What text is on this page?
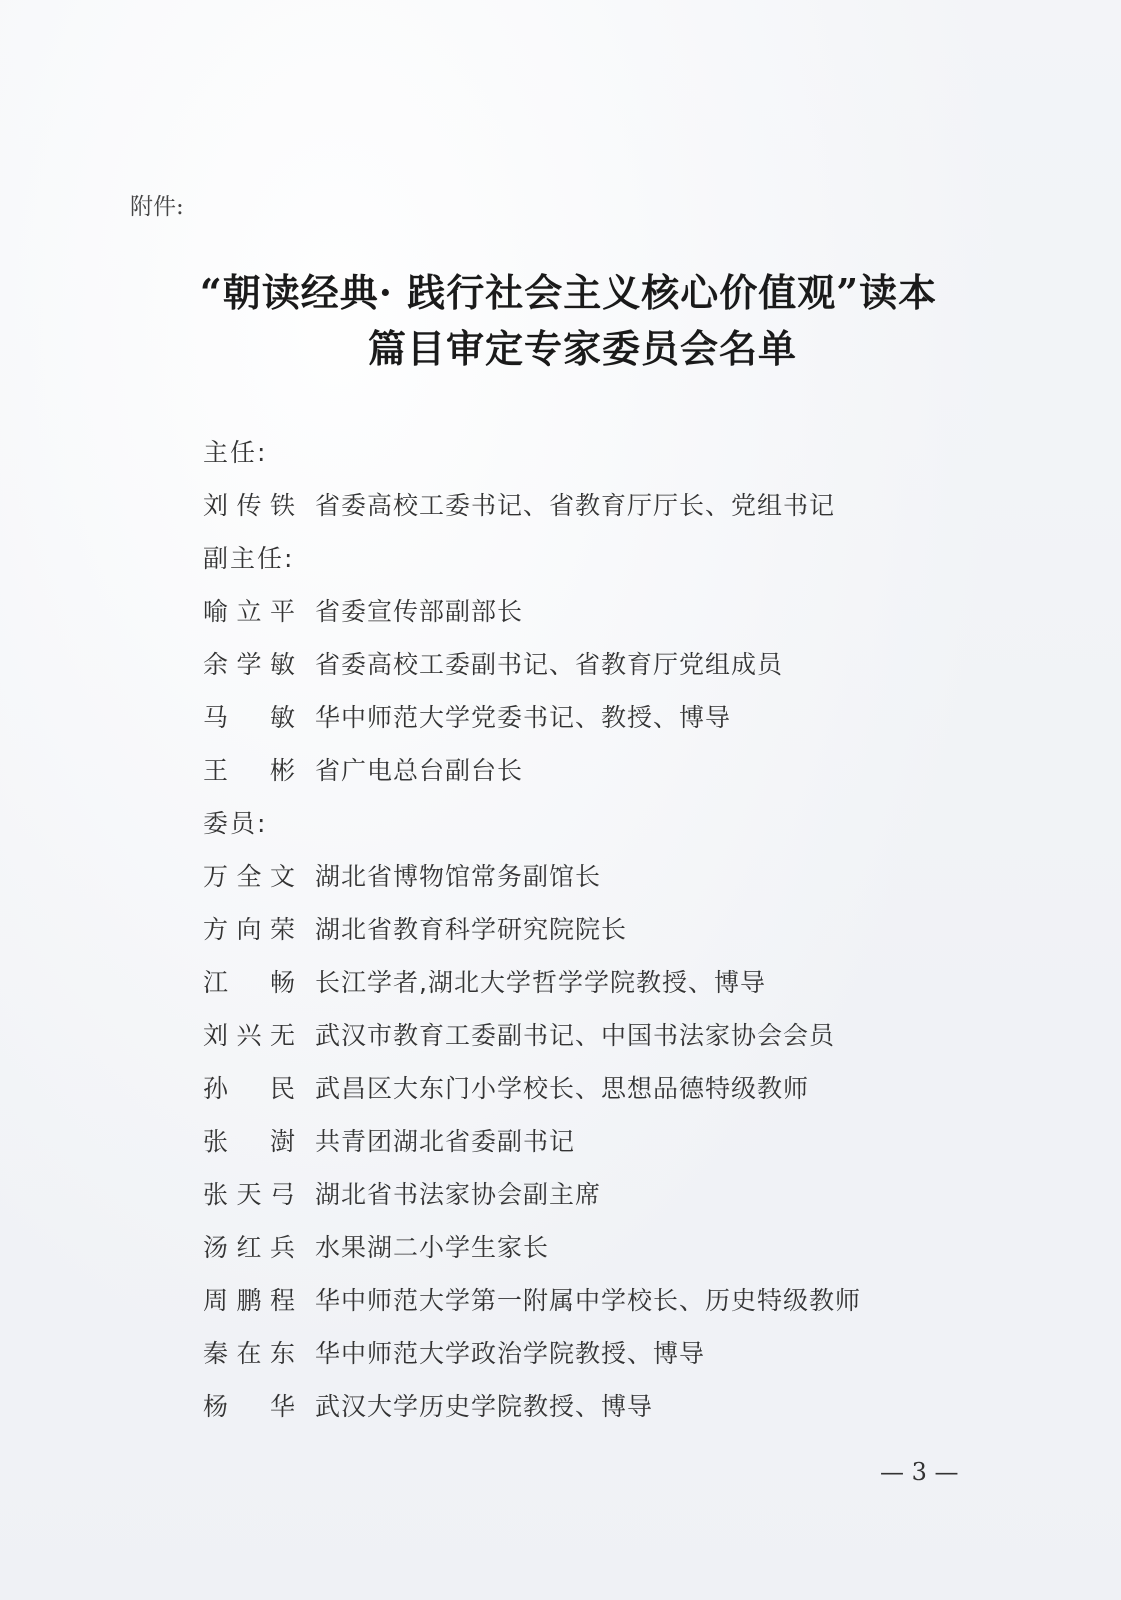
附件:
“朝读经典· 践行社会主义核心价值观”读本
篇目审定专家委员会名单
主任:
刘 传 铁 省委高校工委书记、省教育厅厅长、党组书记
副主任:
喻 立 平 省委宣传部副部长
余 学 敏 省委高校工委副书记、省教育厅党组成员
马 敏 华中师范大学党委书记、教授、博导
王 彬 省广电总台副台长
委员:
万 全 文 湖北省博物馆常务副馆长
方 向 荣 湖北省教育科学研究院院长
江 畅 长江学者,湖北大学哲学学院教授、博导
刘 兴 无 武汉市教育工委副书记、中国书法家协会会员
孙 民 武昌区大东门小学校长、思想品德特级教师
张 澍 共青团湖北省委副书记
张 天 弓 湖北省书法家协会副主席
汤 红 兵 水果湖二小学生家长
周 鹏 程 华中师范大学第一附属中学校长、历史特级教师
秦 在 东 华中师范大学政治学院教授、博导
杨 华 武汉大学历史学院教授、博导
— 3 —
